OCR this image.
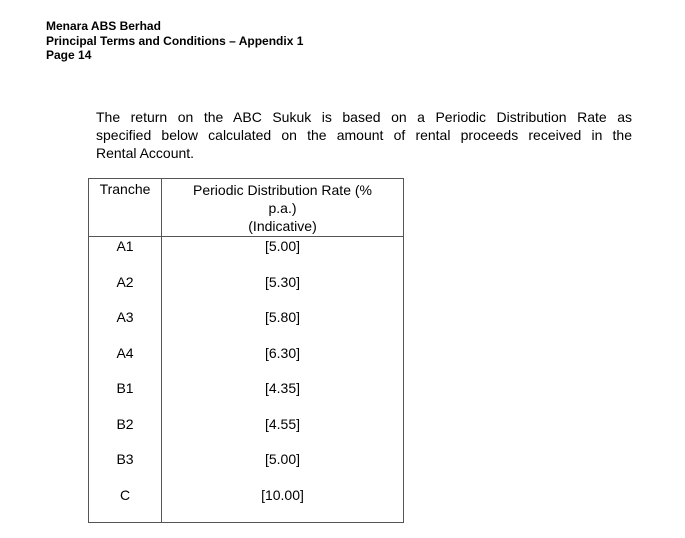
Menara ABS Berhad
Principal Terms and Conditions – Appendix 1
Page 14
The return on the ABC Sukuk is based on a Periodic Distribution Rate as
specified below calculated on the amount of rental proceeds received in the
Rental Account.
Tranche	Periodic Distribution Rate (%
p.a.)
(Indicative)

A1	[5.00]
A2	[5.30]
A3	[5.80]
A4	[6.30]
B1	[4.35]
B2	[4.55]
B3	[5.00]
C	[10.00]
